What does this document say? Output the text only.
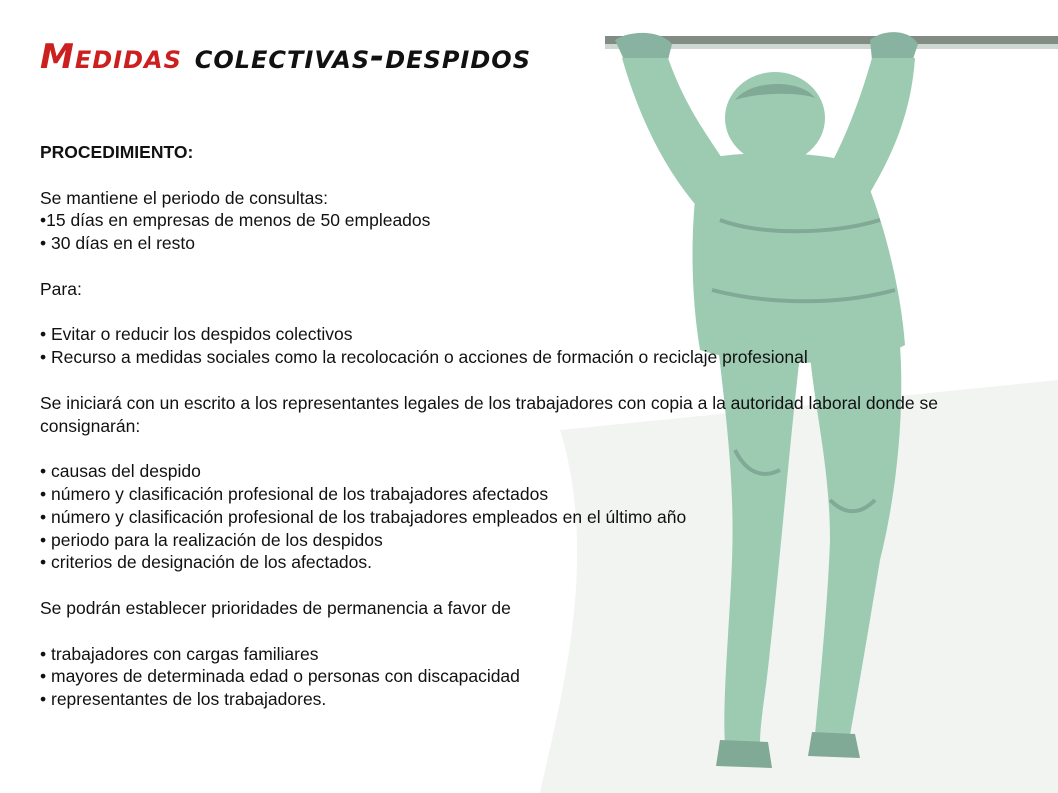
Medidas colectivas-despidos
PROCEDIMIENTO:
Se mantiene el periodo de consultas:
•15 días en empresas de menos de 50 empleados
• 30 días en el resto
Para:
• Evitar o reducir los despidos colectivos
• Recurso a medidas sociales como la recolocación o acciones de formación o reciclaje profesional
Se iniciará con un escrito a los representantes legales de los trabajadores con copia a la autoridad laboral donde se consignarán:
• causas del despido
• número y clasificación profesional de los trabajadores afectados
• número y clasificación profesional de los trabajadores empleados en el último año
• periodo para la realización de los despidos
• criterios de designación de los afectados.
Se podrán establecer prioridades de permanencia a favor de
• trabajadores con cargas familiares
• mayores de determinada edad o personas con discapacidad
• representantes de los trabajadores.
